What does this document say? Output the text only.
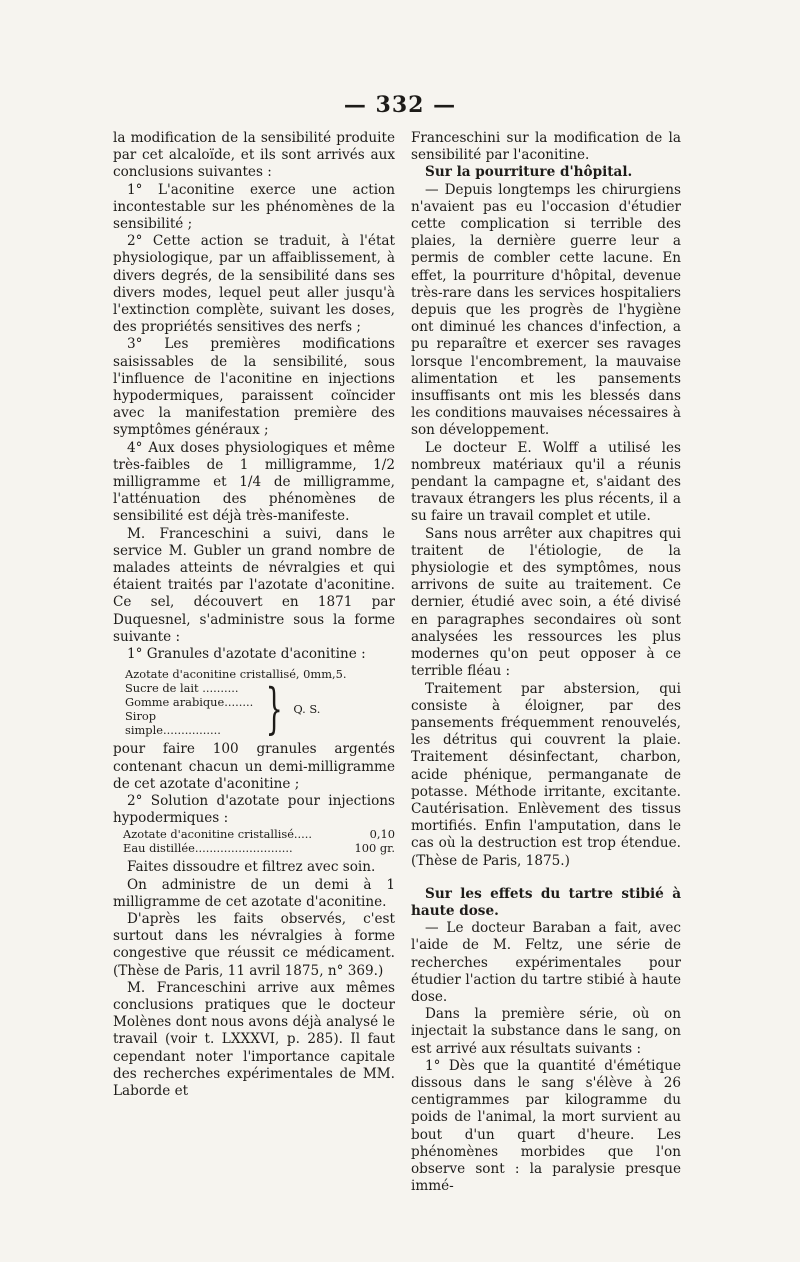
— 332 —

la modification de la sensibilité produite par cet alcaloïde, et ils sont arrivés aux conclusions suivantes :

1° L'aconitine exerce une action incontestable sur les phénomènes de la sensibilité ;

2° Cette action se traduit, à l'état physiologique, par un affaiblissement, à divers degrés, de la sensibilité dans ses divers modes, lequel peut aller jusqu'à l'extinction complète, suivant les doses, des propriétés sensitives des nerfs ;

3° Les premières modifications saisissables de la sensibilité, sous l'influence de l'aconitine en injections hypodermiques, paraissent coïncider avec la manifestation première des symptômes généraux ;

4° Aux doses physiologiques et même très-faibles de 1 milligramme, 1/2 milligramme et 1/4 de milligramme, l'atténuation des phénomènes de sensibilité est déjà très-manifeste.

M. Franceschini a suivi, dans le service M. Gubler un grand nombre de malades atteints de névralgies et qui étaient traités par l'azotate d'aconitine. Ce sel, découvert en 1871 par Duquesnel, s'administre sous la forme suivante :

1° Granules d'azotate d'aconitine :

Azotate d'aconitine cristallisé, 0mm,5.
Sucre de lait ..........
Gomme arabique........
Sirop simple................ } Q. S.

pour faire 100 granules argentés contenant chacun un demi-milligramme de cet azotate d'aconitine ;

2° Solution d'azotate pour injections hypodermiques :

Azotate d'aconitine cristallisé.....	0,10
Eau distillée...........................	100 gr.

Faites dissoudre et filtrez avec soin.

On administre de un demi à 1 milligramme de cet azotate d'aconitine.

D'après les faits observés, c'est surtout dans les névralgies à forme congestive que réussit ce médicament. (Thèse de Paris, 11 avril 1875, n° 369.)

M. Franceschini arrive aux mêmes conclusions pratiques que le docteur Molènes dont nous avons déjà analysé le travail (voir t. LXXXVI, p. 285). Il faut cependant noter l'importance capitale des recherches expérimentales de MM. Laborde et

Franceschini sur la modification de la sensibilité par l'aconitine.

Sur la pourriture d'hôpital.

— Depuis longtemps les chirurgiens n'avaient pas eu l'occasion d'étudier cette complication si terrible des plaies, la dernière guerre leur a permis de combler cette lacune. En effet, la pourriture d'hôpital, devenue très-rare dans les services hospitaliers depuis que les progrès de l'hygiène ont diminué les chances d'infection, a pu reparaître et exercer ses ravages lorsque l'encombrement, la mauvaise alimentation et les pansements insuffisants ont mis les blessés dans les conditions mauvaises nécessaires à son développement.

Le docteur E. Wolff a utilisé les nombreux matériaux qu'il a réunis pendant la campagne et, s'aidant des travaux étrangers les plus récents, il a su faire un travail complet et utile.

Sans nous arrêter aux chapitres qui traitent de l'étiologie, de la physiologie et des symptômes, nous arrivons de suite au traitement. Ce dernier, étudié avec soin, a été divisé en paragraphes secondaires où sont analysées les ressources les plus modernes qu'on peut opposer à ce terrible fléau :

Traitement par abstersion, qui consiste à éloigner, par des pansements fréquemment renouvelés, les détritus qui couvrent la plaie. Traitement désinfectant, charbon, acide phénique, permanganate de potasse. Méthode irritante, excitante. Cautérisation. Enlèvement des tissus mortifiés. Enfin l'amputation, dans le cas où la destruction est trop étendue. (Thèse de Paris, 1875.)

Sur les effets du tartre stibié à haute dose.

— Le docteur Baraban a fait, avec l'aide de M. Feltz, une série de recherches expérimentales pour étudier l'action du tartre stibié à haute dose.

Dans la première série, où on injectait la substance dans le sang, on est arrivé aux résultats suivants :

1° Dès que la quantité d'émétique dissous dans le sang s'élève à 26 centigrammes par kilogramme du poids de l'animal, la mort survient au bout d'un quart d'heure. Les phénomènes morbides que l'on observe sont : la paralysie presque immé-
